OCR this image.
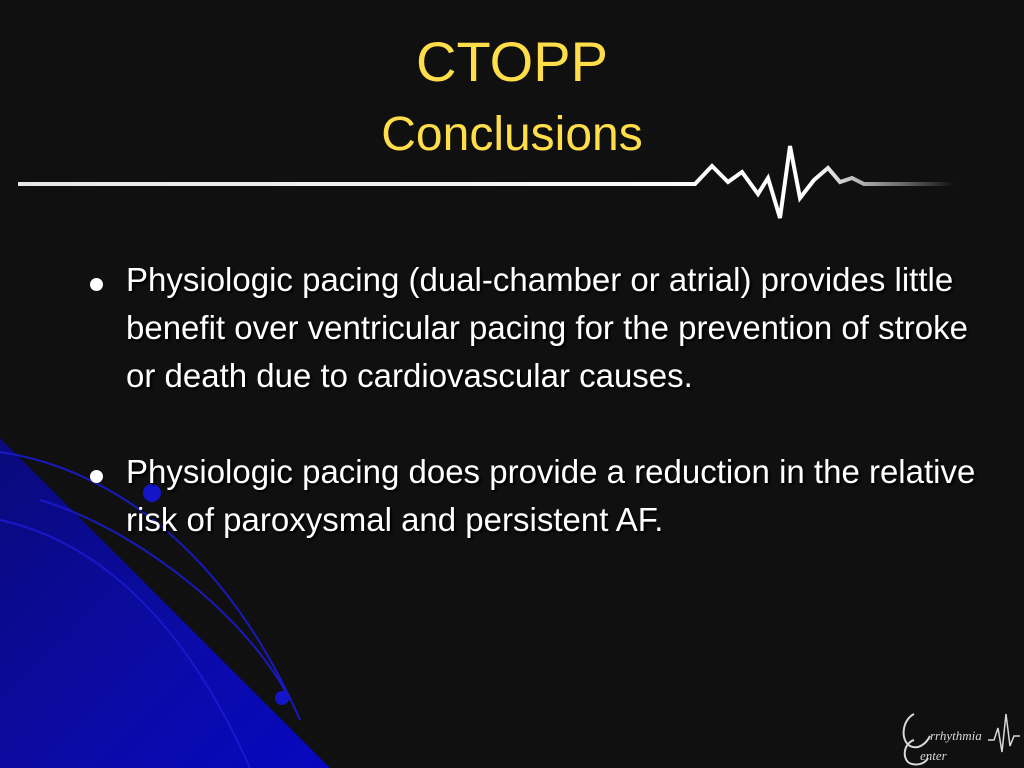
CTOPP
Conclusions
Physiologic pacing (dual-chamber or atrial) provides little benefit over ventricular pacing for the prevention of stroke or death due to cardiovascular causes.
Physiologic pacing does provide a reduction in the relative risk of paroxysmal and persistent AF.
rrhythmia
enter
